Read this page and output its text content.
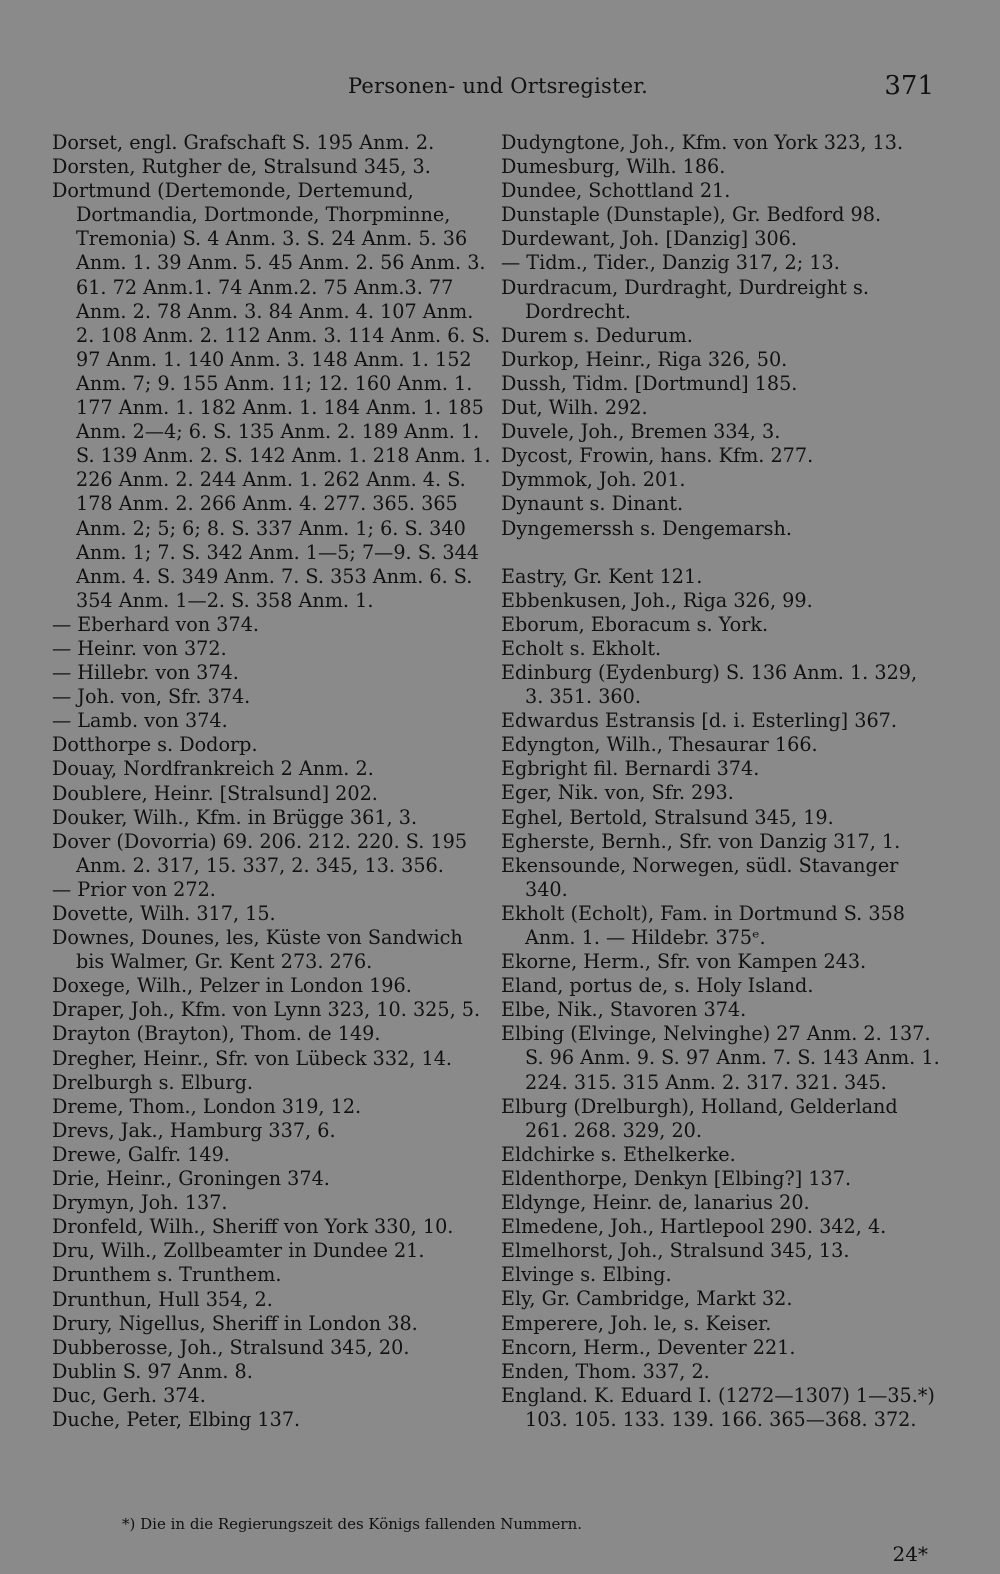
Personen- und Ortsregister.	371

Dorset, engl. Grafschaft S. 195 Anm. 2.

Dorsten, Rutgher de, Stralsund 345, 3.

Dortmund (Dertemonde, Dertemund, Dortmandia, Dortmonde, Thorpminne, Tremonia) S. 4 Anm. 3. S. 24 Anm. 5. 36 Anm. 1. 39 Anm. 5. 45 Anm. 2. 56 Anm. 3. 61. 72 Anm.1. 74 Anm.2. 75 Anm.3. 77 Anm. 2. 78 Anm. 3. 84 Anm. 4. 107 Anm. 2. 108 Anm. 2. 112 Anm. 3. 114 Anm. 6. S. 97 Anm. 1. 140 Anm. 3. 148 Anm. 1. 152 Anm. 7; 9. 155 Anm. 11; 12. 160 Anm. 1. 177 Anm. 1. 182 Anm. 1. 184 Anm. 1. 185 Anm. 2—4; 6. S. 135 Anm. 2. 189 Anm. 1. S. 139 Anm. 2. S. 142 Anm. 1. 218 Anm. 1. 226 Anm. 2. 244 Anm. 1. 262 Anm. 4. S. 178 Anm. 2. 266 Anm. 4. 277. 365. 365 Anm. 2; 5; 6; 8. S. 337 Anm. 1; 6. S. 340 Anm. 1; 7. S. 342 Anm. 1—5; 7—9. S. 344 Anm. 4. S. 349 Anm. 7. S. 353 Anm. 6. S. 354 Anm. 1—2. S. 358 Anm. 1.

— Eberhard von 374.

— Heinr. von 372.

— Hillebr. von 374.

— Joh. von, Sfr. 374.

— Lamb. von 374.

Dotthorpe s. Dodorp.

Douay, Nordfrankreich 2 Anm. 2.

Doublere, Heinr. [Stralsund] 202.

Douker, Wilh., Kfm. in Brügge 361, 3.

Dover (Dovorria) 69. 206. 212. 220. S. 195 Anm. 2. 317, 15. 337, 2. 345, 13. 356.

— Prior von 272.

Dovette, Wilh. 317, 15.

Downes, Dounes, les, Küste von Sandwich bis Walmer, Gr. Kent 273. 276.

Doxege, Wilh., Pelzer in London 196.

Draper, Joh., Kfm. von Lynn 323, 10. 325, 5.

Drayton (Brayton), Thom. de 149.

Dregher, Heinr., Sfr. von Lübeck 332, 14.

Drelburgh s. Elburg.

Dreme, Thom., London 319, 12.

Drevs, Jak., Hamburg 337, 6.

Drewe, Galfr. 149.

Drie, Heinr., Groningen 374.

Drymyn, Joh. 137.

Dronfeld, Wilh., Sheriff von York 330, 10.

Dru, Wilh., Zollbeamter in Dundee 21.

Drunthem s. Trunthem.

Drunthun, Hull 354, 2.

Drury, Nigellus, Sheriff in London 38.

Dubberosse, Joh., Stralsund 345, 20.

Dublin S. 97 Anm. 8.

Duc, Gerh. 374.

Duche, Peter, Elbing 137.

Dudyngtone, Joh., Kfm. von York 323, 13.

Dumesburg, Wilh. 186.

Dundee, Schottland 21.

Dunstaple (Dunstaple), Gr. Bedford 98.

Durdewant, Joh. [Danzig] 306.

— Tidm., Tider., Danzig 317, 2; 13.

Durdracum, Durdraght, Durdreight s. Dordrecht.

Durem s. Dedurum.

Durkop, Heinr., Riga 326, 50.

Dussh, Tidm. [Dortmund] 185.

Dut, Wilh. 292.

Duvele, Joh., Bremen 334, 3.

Dycost, Frowin, hans. Kfm. 277.

Dymmok, Joh. 201.

Dynaunt s. Dinant.

Dyngemerssh s. Dengemarsh.

Eastry, Gr. Kent 121.

Ebbenkusen, Joh., Riga 326, 99.

Eborum, Eboracum s. York.

Echolt s. Ekholt.

Edinburg (Eydenburg) S. 136 Anm. 1. 329, 3. 351. 360.

Edwardus Estransis [d. i. Esterling] 367.

Edyngton, Wilh., Thesaurar 166.

Egbright fil. Bernardi 374.

Eger, Nik. von, Sfr. 293.

Eghel, Bertold, Stralsund 345, 19.

Egherste, Bernh., Sfr. von Danzig 317, 1.

Ekensounde, Norwegen, südl. Stavanger 340.

Ekholt (Echolt), Fam. in Dortmund S. 358 Anm. 1. — Hildebr. 375ᵉ.

Ekorne, Herm., Sfr. von Kampen 243.

Eland, portus de, s. Holy Island.

Elbe, Nik., Stavoren 374.

Elbing (Elvinge, Nelvinghe) 27 Anm. 2. 137. S. 96 Anm. 9. S. 97 Anm. 7. S. 143 Anm. 1. 224. 315. 315 Anm. 2. 317. 321. 345.

Elburg (Drelburgh), Holland, Gelderland 261. 268. 329, 20.

Eldchirke s. Ethelkerke.

Eldenthorpe, Denkyn [Elbing?] 137.

Eldynge, Heinr. de, lanarius 20.

Elmedene, Joh., Hartlepool 290. 342, 4.

Elmelhorst, Joh., Stralsund 345, 13.

Elvinge s. Elbing.

Ely, Gr. Cambridge, Markt 32.

Emperere, Joh. le, s. Keiser.

Encorn, Herm., Deventer 221.

Enden, Thom. 337, 2.

England. K. Eduard I. (1272—1307) 1—35.*) 103. 105. 133. 139. 166. 365—368. 372.

*) Die in die Regierungszeit des Königs fallenden Nummern.
24*
